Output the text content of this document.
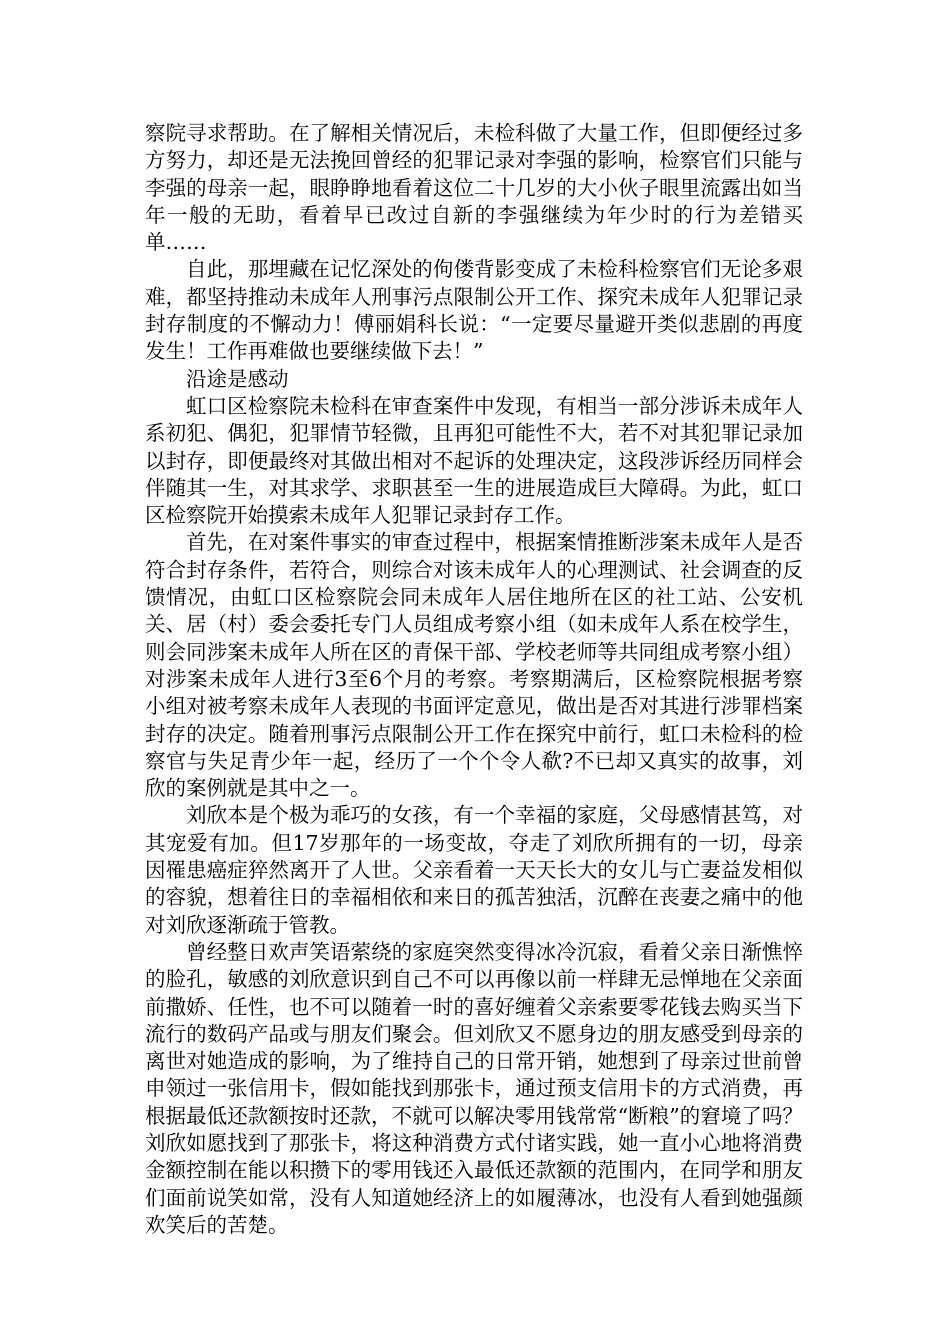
察院寻求帮助。在了解相关情况后，未检科做了大量工作，但即便经过多方努力，却还是无法挽回曾经的犯罪记录对李强的影响，检察官们只能与李强的母亲一起，眼睁睁地看着这位二十几岁的大小伙子眼里流露出如当年一般的无助，看着早已改过自新的李强继续为年少时的行为差错买单……

自此，那埋藏在记忆深处的佝偻背影变成了未检科检察官们无论多艰难，都坚持推动未成年人刑事污点限制公开工作、探究未成年人犯罪记录封存制度的不懈动力！傅丽娟科长说：“一定要尽量避开类似悲剧的再度发生！工作再难做也要继续做下去！”

沿途是感动

虹口区检察院未检科在审查案件中发现，有相当一部分涉诉未成年人系初犯、偶犯，犯罪情节轻微，且再犯可能性不大，若不对其犯罪记录加以封存，即便最终对其做出相对不起诉的处理决定，这段涉诉经历同样会伴随其一生，对其求学、求职甚至一生的进展造成巨大障碍。为此，虹口区检察院开始摸索未成年人犯罪记录封存工作。

首先，在对案件事实的审查过程中，根据案情推断涉案未成年人是否符合封存条件，若符合，则综合对该未成年人的心理测试、社会调查的反馈情况，由虹口区检察院会同未成年人居住地所在区的社工站、公安机关、居（村）委会委托专门人员组成考察小组（如未成年人系在校学生，则会同涉案未成年人所在区的青保干部、学校老师等共同组成考察小组）对涉案未成年人进行3至6个月的考察。考察期满后，区检察院根据考察小组对被考察未成年人表现的书面评定意见，做出是否对其进行涉罪档案封存的决定。随着刑事污点限制公开工作在探究中前行，虹口未检科的检察官与失足青少年一起，经历了一个个令人欷?不已却又真实的故事，刘欣的案例就是其中之一。

刘欣本是个极为乖巧的女孩，有一个幸福的家庭，父母感情甚笃，对其宠爱有加。但17岁那年的一场变故，夺走了刘欣所拥有的一切，母亲因罹患癌症猝然离开了人世。父亲看着一天天长大的女儿与亡妻益发相似的容貌，想着往日的幸福相依和来日的孤苦独活，沉醉在丧妻之痛中的他对刘欣逐渐疏于管教。

曾经整日欢声笑语萦绕的家庭突然变得冰冷沉寂，看着父亲日渐憔悴的脸孔，敏感的刘欣意识到自己不可以再像以前一样肆无忌惮地在父亲面前撒娇、任性，也不可以随着一时的喜好缠着父亲索要零花钱去购买当下流行的数码产品或与朋友们聚会。但刘欣又不愿身边的朋友感受到母亲的离世对她造成的影响，为了维持自己的日常开销，她想到了母亲过世前曾申领过一张信用卡，假如能找到那张卡，通过预支信用卡的方式消费，再根据最低还款额按时还款，不就可以解决零用钱常常“断粮”的窘境了吗？刘欣如愿找到了那张卡，将这种消费方式付诸实践，她一直小心地将消费金额控制在能以积攒下的零用钱还入最低还款额的范围内，在同学和朋友们面前说笑如常，没有人知道她经济上的如履薄冰，也没有人看到她强颜欢笑后的苦楚。
